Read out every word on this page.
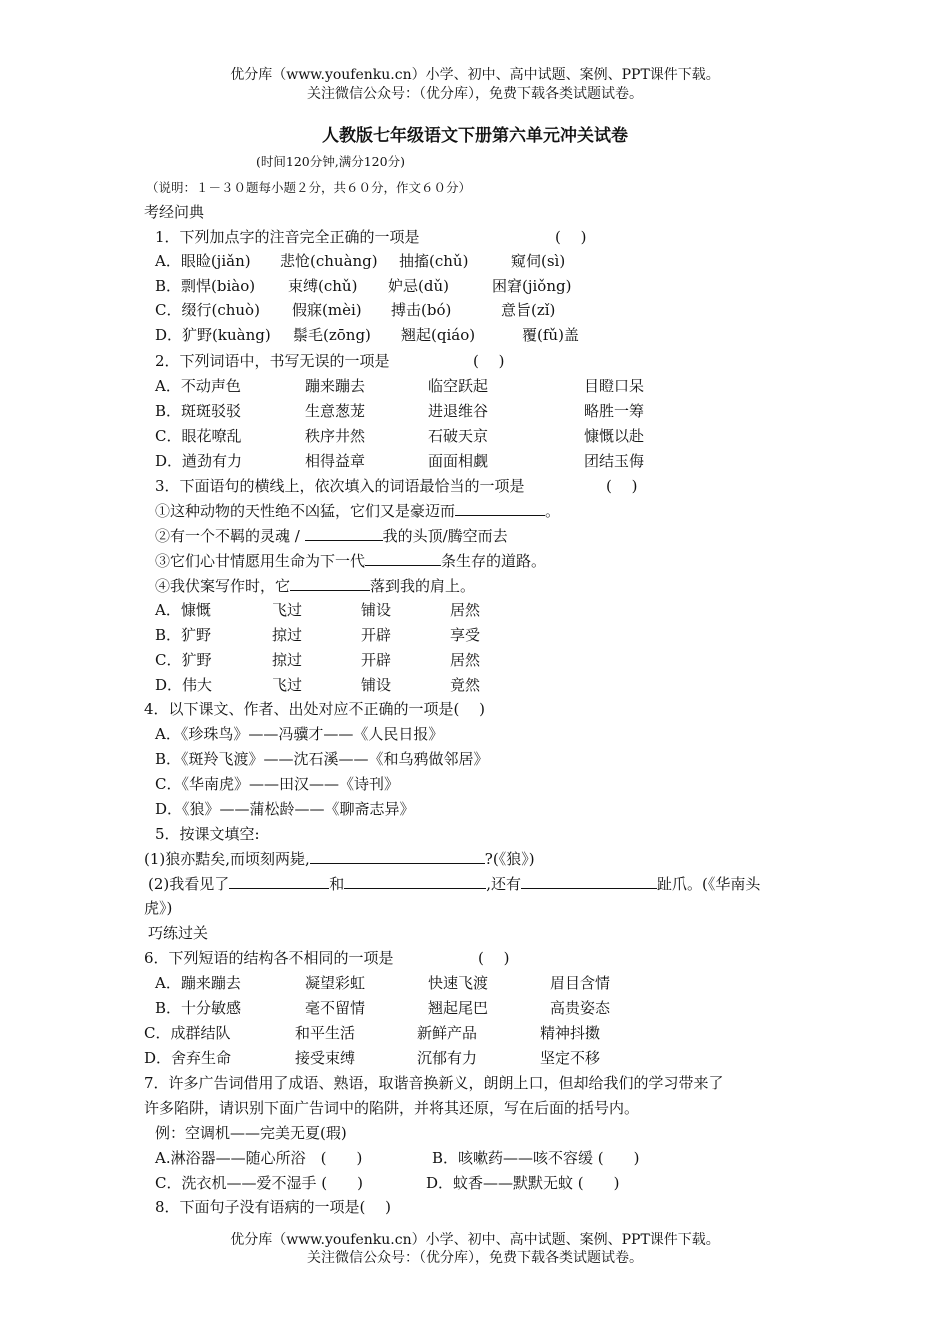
优分库（www.youfenku.cn）小学、初中、高中试题、案例、PPT课件下载。
关注微信公众号：（优分库），免费下载各类试题试卷。
人教版七年级语文下册第六单元冲关试卷
(时间120分钟,满分120分)
（说明：１－３０题每小题２分，共６０分，作文６０分）
考经问典
1．下列加点字的注音完全正确的一项是	(　 )
A．眼睑(jiǎn) 悲怆(chuàng) 抽搐(chǔ)	窥伺(sì)
B．剽悍(biào) 束缚(chǔ) 妒忌(dǔ)	困窘(jiǒng)
C．缀行(chuò) 假寐(mèi) 搏击(bó)	意旨(zǐ)
D．犷野(kuàng) 鬃毛(zōng) 翘起(qiáo)	覆(fǔ)盖
2．下列词语中，书写无误的一项是	(　 )
A．不动声色	蹦来蹦去	临空跃起	目瞪口呆
B．斑斑驳驳	生意葱茏	进退维谷	略胜一筹
C．眼花嘹乱	秩序井然	石破天京	慷慨以赴
D．遒劲有力	相得益章	面面相觑	团结玉侮
3．下面语句的横线上，依次填入的词语最恰当的一项是	(　 )
①这种动物的天性绝不凶猛，它们又是豪迈而	。
②有一个不羁的灵魂 /	我的头顶/腾空而去
③它们心甘情愿用生命为下一代	条生存的道路。
④我伏案写作时，它	落到我的肩上。
A．慷慨	飞过	铺设	居然
B．犷野	掠过	开辟	享受
C．犷野	掠过	开辟	居然
D．伟大	飞过	铺设	竟然
4．以下课文、作者、出处对应不正确的一项是(　 )
A．《珍珠鸟》——冯骥才——《人民日报》
B．《斑羚飞渡》——沈石溪——《和乌鸦做邻居》
C．《华南虎》——田汉——《诗刊》
D．《狼》——蒲松龄——《聊斋志异》
5．按课文填空:
(1)狼亦黠矣,而顷刻两毙,	?(《狼》)
(2)我看见了	和	,还有	趾爪。(《华南头
虎》)
巧练过关
6．下列短语的结构各不相同的一项是	(　 )
A．蹦来蹦去	凝望彩虹	快速飞渡	眉目含情
B．十分敏感	毫不留情	翘起尾巴	高贵姿态
C．成群结队	和平生活	新鲜产品	精神抖擞
D．舍弃生命	接受束缚	沉郁有力	坚定不移
7．许多广告词借用了成语、熟语，取谐音换新义，朗朗上口，但却给我们的学习带来了
许多陷阱，请识别下面广告词中的陷阱，并将其还原，写在后面的括号内。
例：空调机——完美无夏(瑕)
A.淋浴器——随心所浴　(　　)	B．咳嗽药——咳不容缓 (　　)
C．洗衣机——爱不湿手 (　　)	D．蚊香——默默无蚊 (　　)
8．下面句子没有语病的一项是(　 )
优分库（www.youfenku.cn）小学、初中、高中试题、案例、PPT课件下载。
关注微信公众号：（优分库），免费下载各类试题试卷。
